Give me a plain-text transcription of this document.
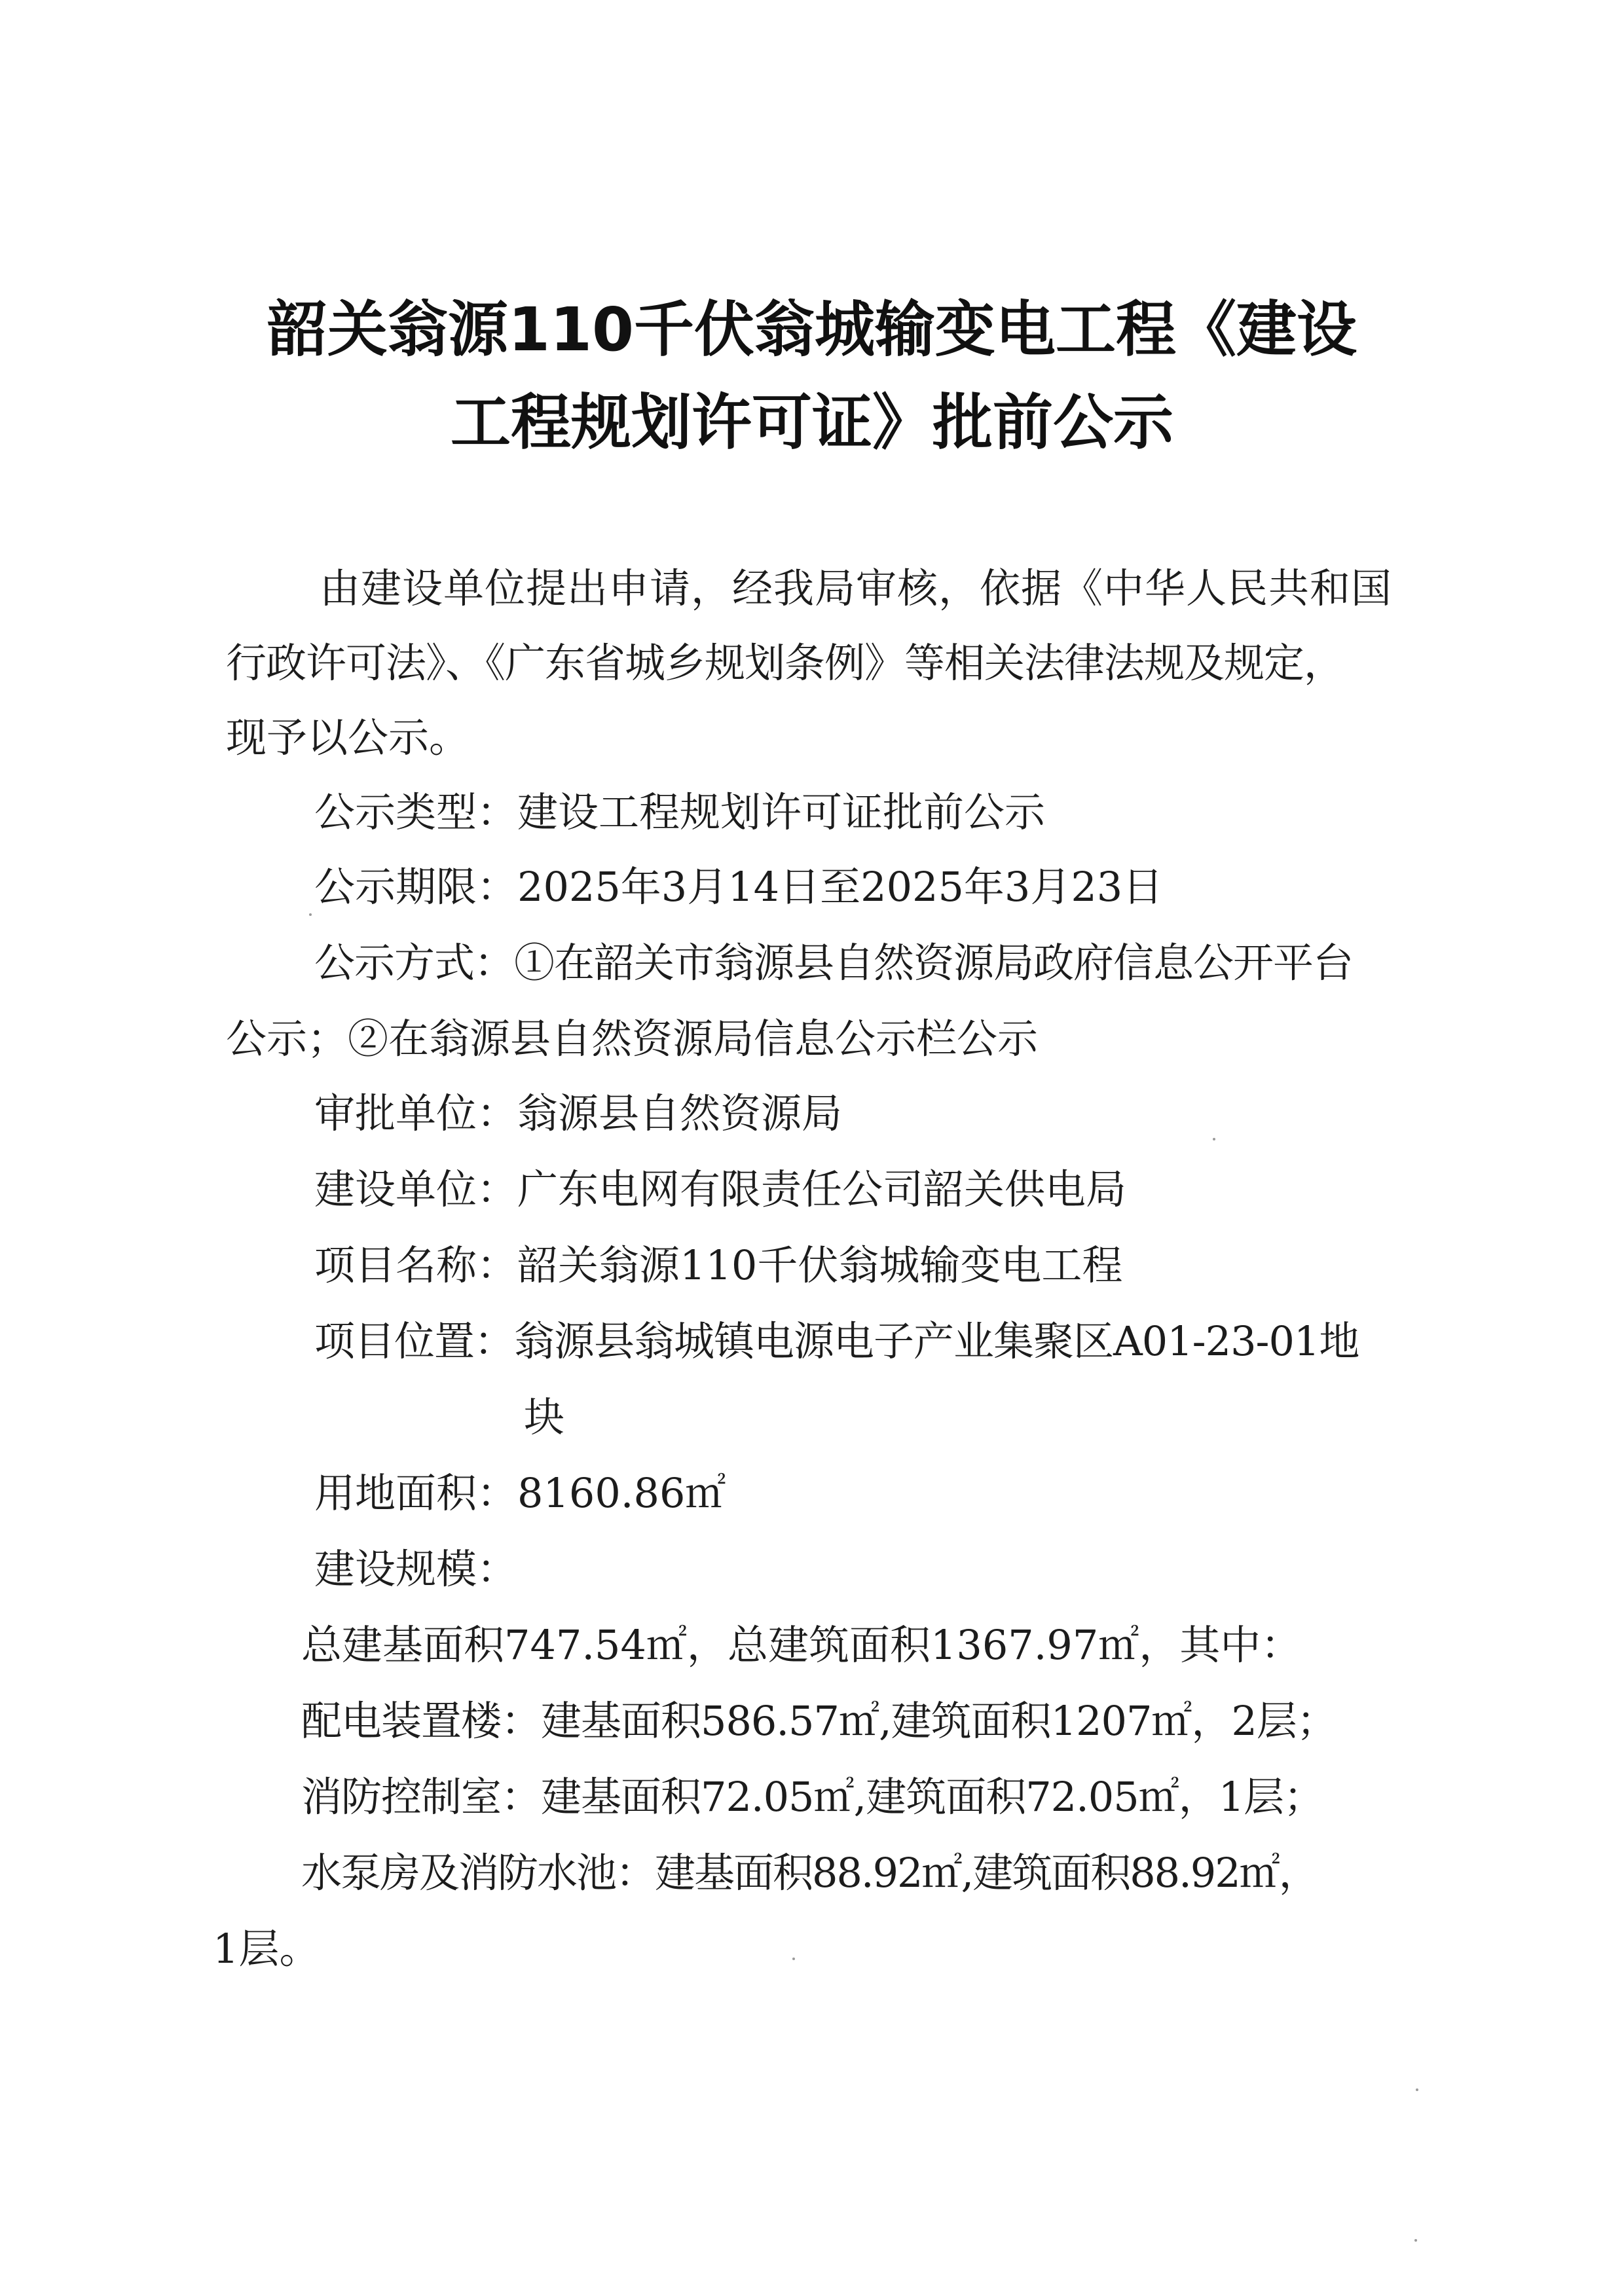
韶关翁源110千伏翁城输变电工程《建设
工程规划许可证》批前公示
由建设单位提出申请，经我局审核，依据《中华人民共和国
行政许可法》、《广东省城乡规划条例》等相关法律法规及规定，
现予以公示。
公示类型：建设工程规划许可证批前公示
公示期限：2025年3月14日至2025年3月23日
公示方式：①在韶关市翁源县自然资源局政府信息公开平台
公示；②在翁源县自然资源局信息公示栏公示
审批单位：翁源县自然资源局
建设单位：广东电网有限责任公司韶关供电局
项目名称：韶关翁源110千伏翁城输变电工程
项目位置：翁源县翁城镇电源电子产业集聚区A01-23-01地
块
用地面积：8160.86㎡
建设规模：
总建基面积747.54㎡，总建筑面积1367.97㎡，其中：
配电装置楼：建基面积586.57㎡,建筑面积1207㎡，2层；
消防控制室：建基面积72.05㎡,建筑面积72.05㎡，1层；
水泵房及消防水池：建基面积88.92㎡,建筑面积88.92㎡，
1层。
